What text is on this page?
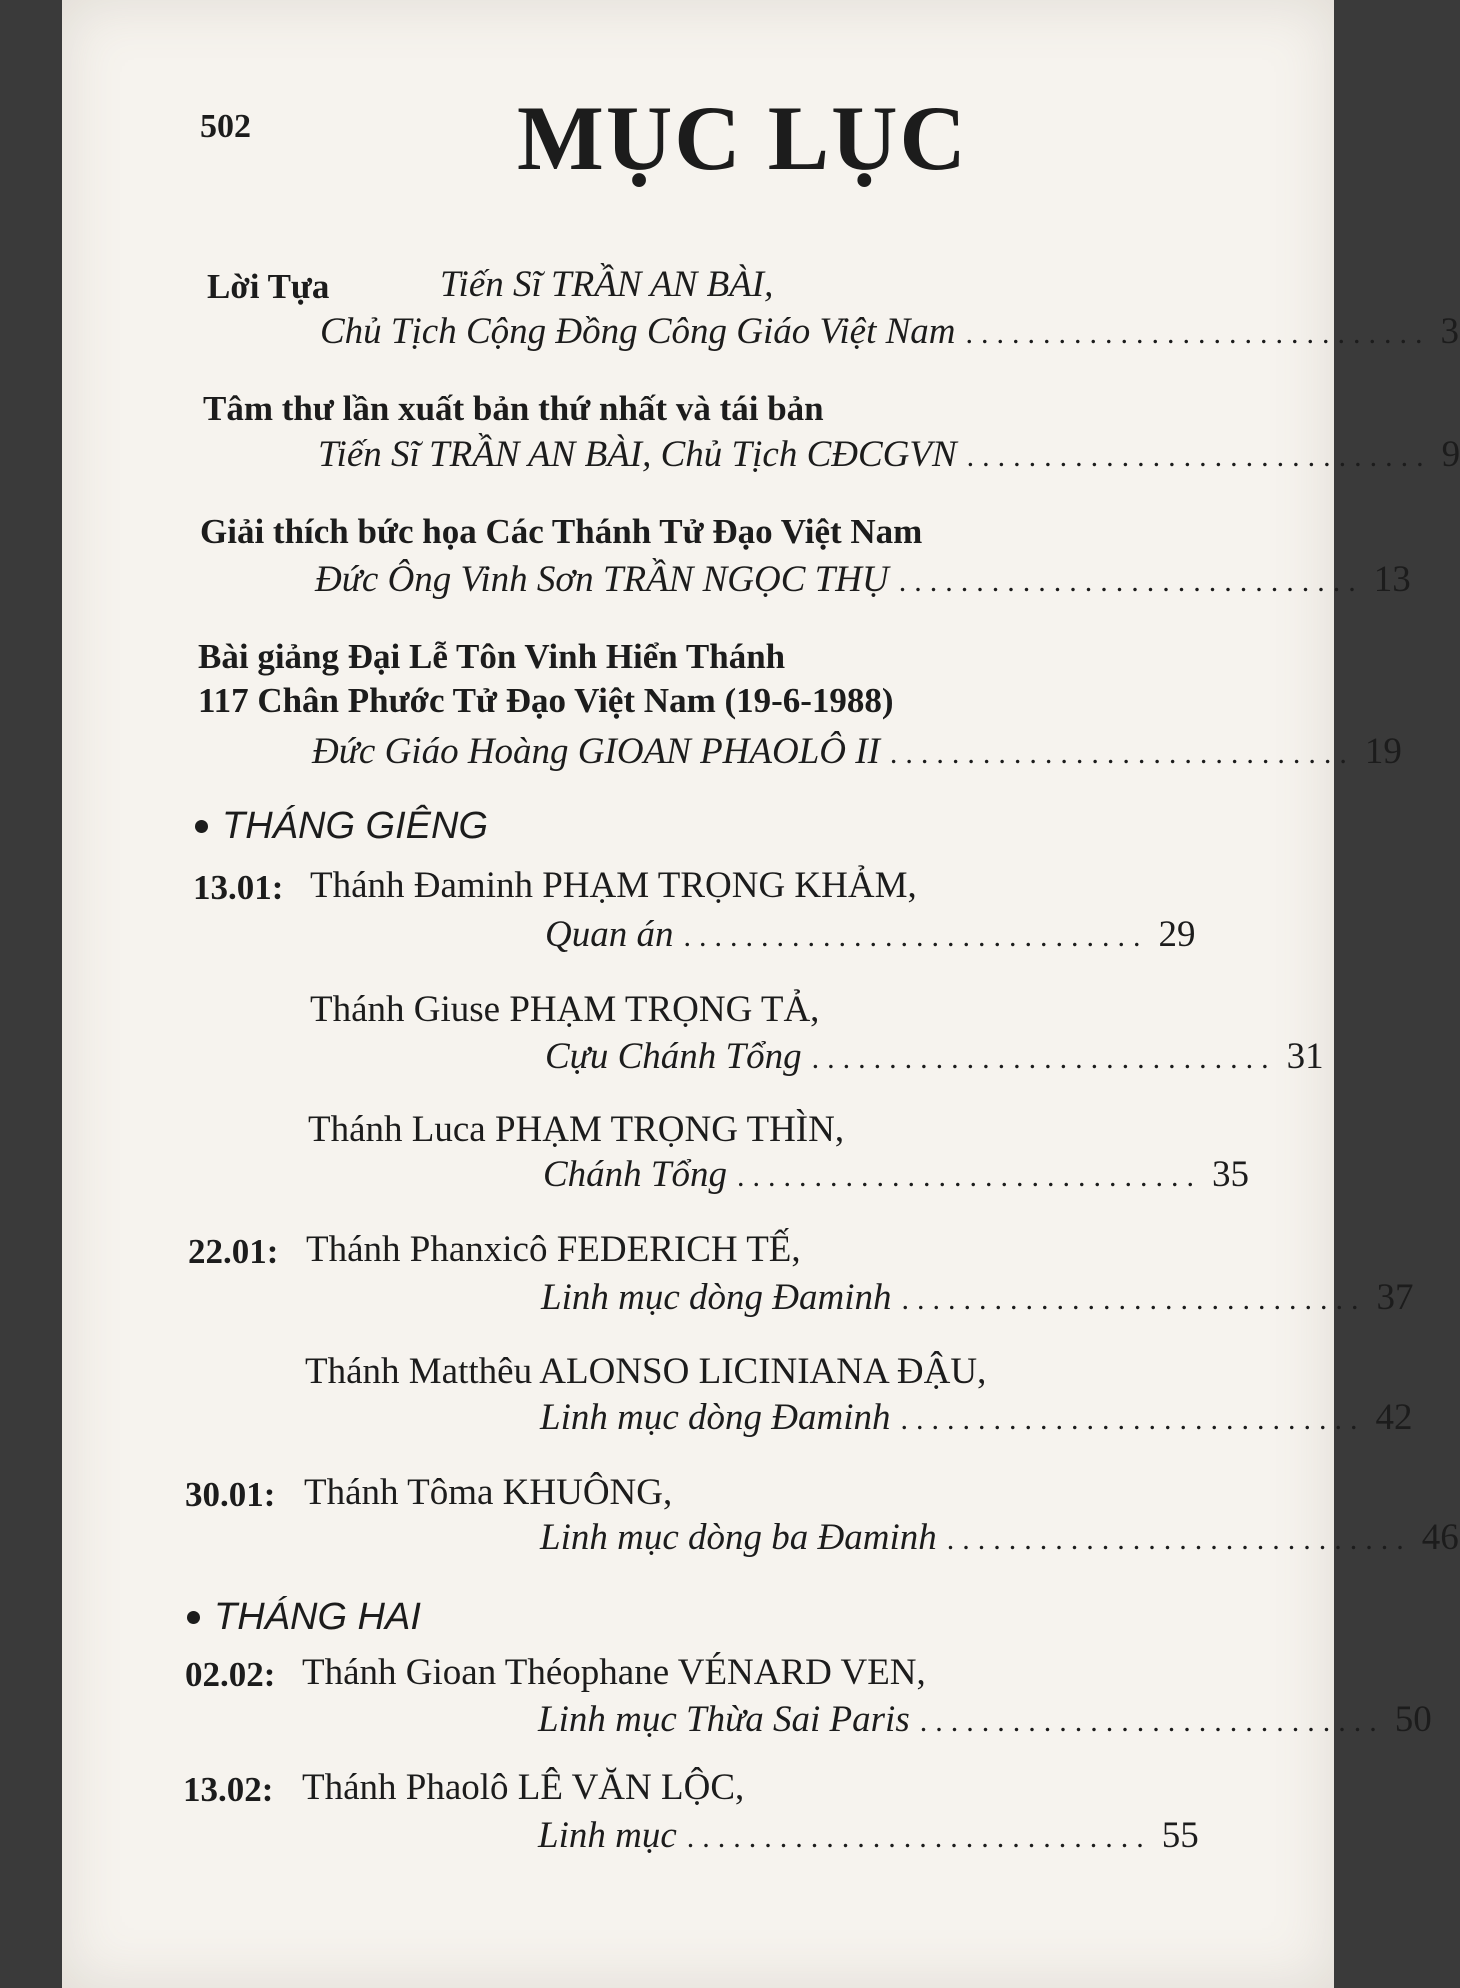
502	MỤC LỤC
Lời Tựa	Tiến Sĩ TRẦN AN BÀI,
Chủ Tịch Cộng Đồng Công Giáo Việt Nam .............................. 3
Tâm thư lần xuất bản thứ nhất và tái bản
Tiến Sĩ TRẦN AN BÀI, Chủ Tịch CĐCGVN .............................. 9
Giải thích bức họa Các Thánh Tử Đạo Việt Nam
Đức Ông Vinh Sơn TRẦN NGỌC THỤ .............................. 13
Bài giảng Đại Lễ Tôn Vinh Hiển Thánh
117 Chân Phước Tử Đạo Việt Nam (19-6-1988)
Đức Giáo Hoàng GIOAN PHAOLÔ II .............................. 19
THÁNG GIÊNG
13.01: Thánh Đaminh PHẠM TRỌNG KHẢM,
Quan án .............................. 29
Thánh Giuse PHẠM TRỌNG TẢ,
Cựu Chánh Tổng .............................. 31
Thánh Luca PHẠM TRỌNG THÌN,
Chánh Tổng .............................. 35
22.01: Thánh Phanxicô FEDERICH TẾ,
Linh mục dòng Đaminh .............................. 37
Thánh Matthêu ALONSO LICINIANA ĐẬU,
Linh mục dòng Đaminh .............................. 42
30.01: Thánh Tôma KHUÔNG,
Linh mục dòng ba Đaminh .............................. 46
THÁNG HAI
02.02: Thánh Gioan Théophane VÉNARD VEN,
Linh mục Thừa Sai Paris .............................. 50
13.02: Thánh Phaolô LÊ VĂN LỘC,
Linh mục .............................. 55
